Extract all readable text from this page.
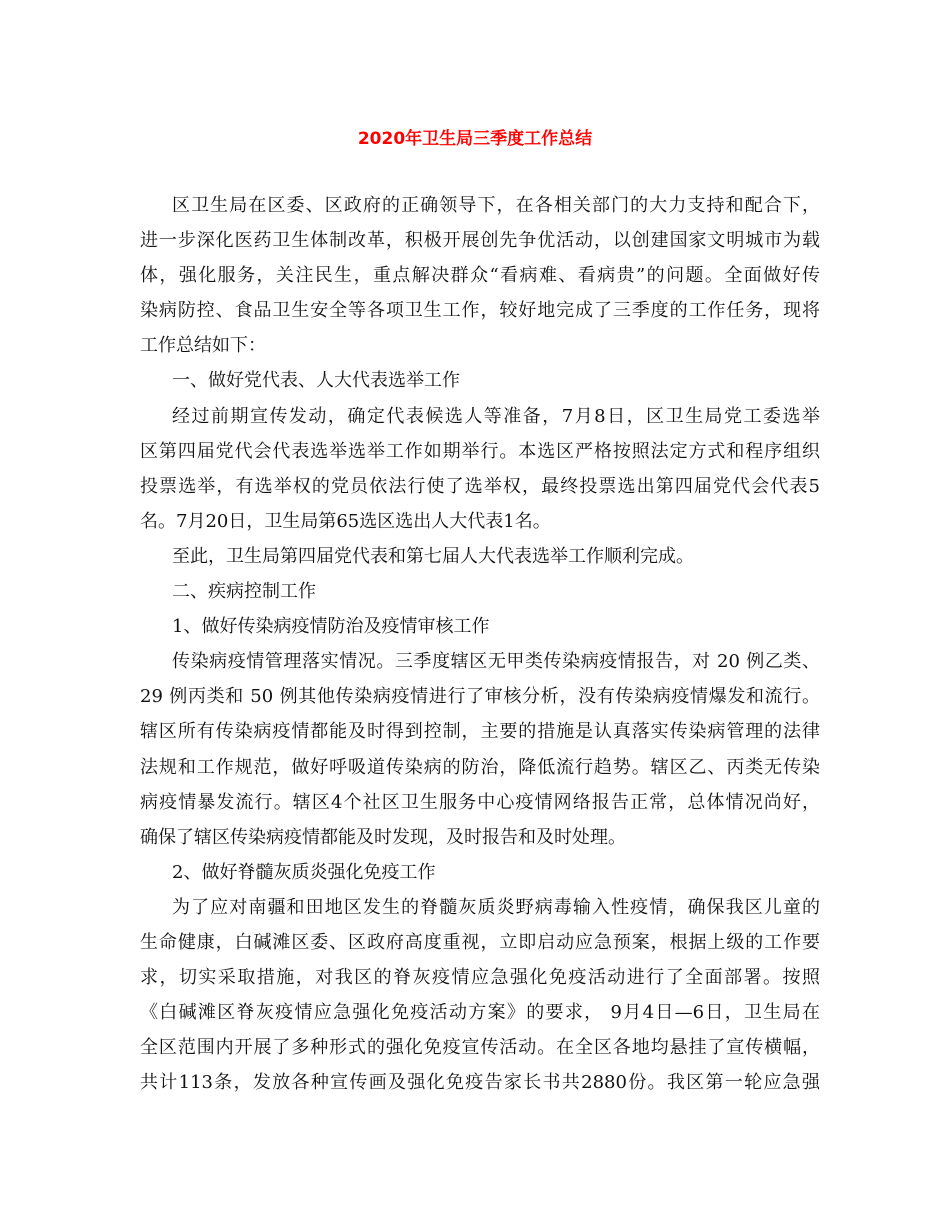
2020年卫生局三季度工作总结
区卫生局在区委、区政府的正确领导下，在各相关部门的大力支持和配合下，
进一步深化医药卫生体制改革，积极开展创先争优活动，以创建国家文明城市为载
体，强化服务，关注民生，重点解决群众“看病难、看病贵”的问题。全面做好传
染病防控、食品卫生安全等各项卫生工作，较好地完成了三季度的工作任务，现将
工作总结如下：
一、做好党代表、人大代表选举工作
经过前期宣传发动，确定代表候选人等准备，7月8日，区卫生局党工委选举
区第四届党代会代表选举选举工作如期举行。本选区严格按照法定方式和程序组织
投票选举，有选举权的党员依法行使了选举权，最终投票选出第四届党代会代表5
名。7月20日，卫生局第65选区选出人大代表1名。
至此，卫生局第四届党代表和第七届人大代表选举工作顺利完成。
二、疾病控制工作
1、做好传染病疫情防治及疫情审核工作
传染病疫情管理落实情况。三季度辖区无甲类传染病疫情报告，对 20 例乙类、
29 例丙类和 50 例其他传染病疫情进行了审核分析，没有传染病疫情爆发和流行。
辖区所有传染病疫情都能及时得到控制，主要的措施是认真落实传染病管理的法律
法规和工作规范，做好呼吸道传染病的防治，降低流行趋势。辖区乙、丙类无传染
病疫情暴发流行。辖区4个社区卫生服务中心疫情网络报告正常，总体情况尚好，
确保了辖区传染病疫情都能及时发现，及时报告和及时处理。
2、做好脊髓灰质炎强化免疫工作
为了应对南疆和田地区发生的脊髓灰质炎野病毒输入性疫情，确保我区儿童的
生命健康，白碱滩区委、区政府高度重视，立即启动应急预案，根据上级的工作要
求，切实采取措施，对我区的脊灰疫情应急强化免疫活动进行了全面部署。按照
《白碱滩区脊灰疫情应急强化免疫活动方案》的要求， 9月4日—6日，卫生局在
全区范围内开展了多种形式的强化免疫宣传活动。在全区各地均悬挂了宣传横幅，
共计113条，发放各种宣传画及强化免疫告家长书共2880份。我区第一轮应急强
